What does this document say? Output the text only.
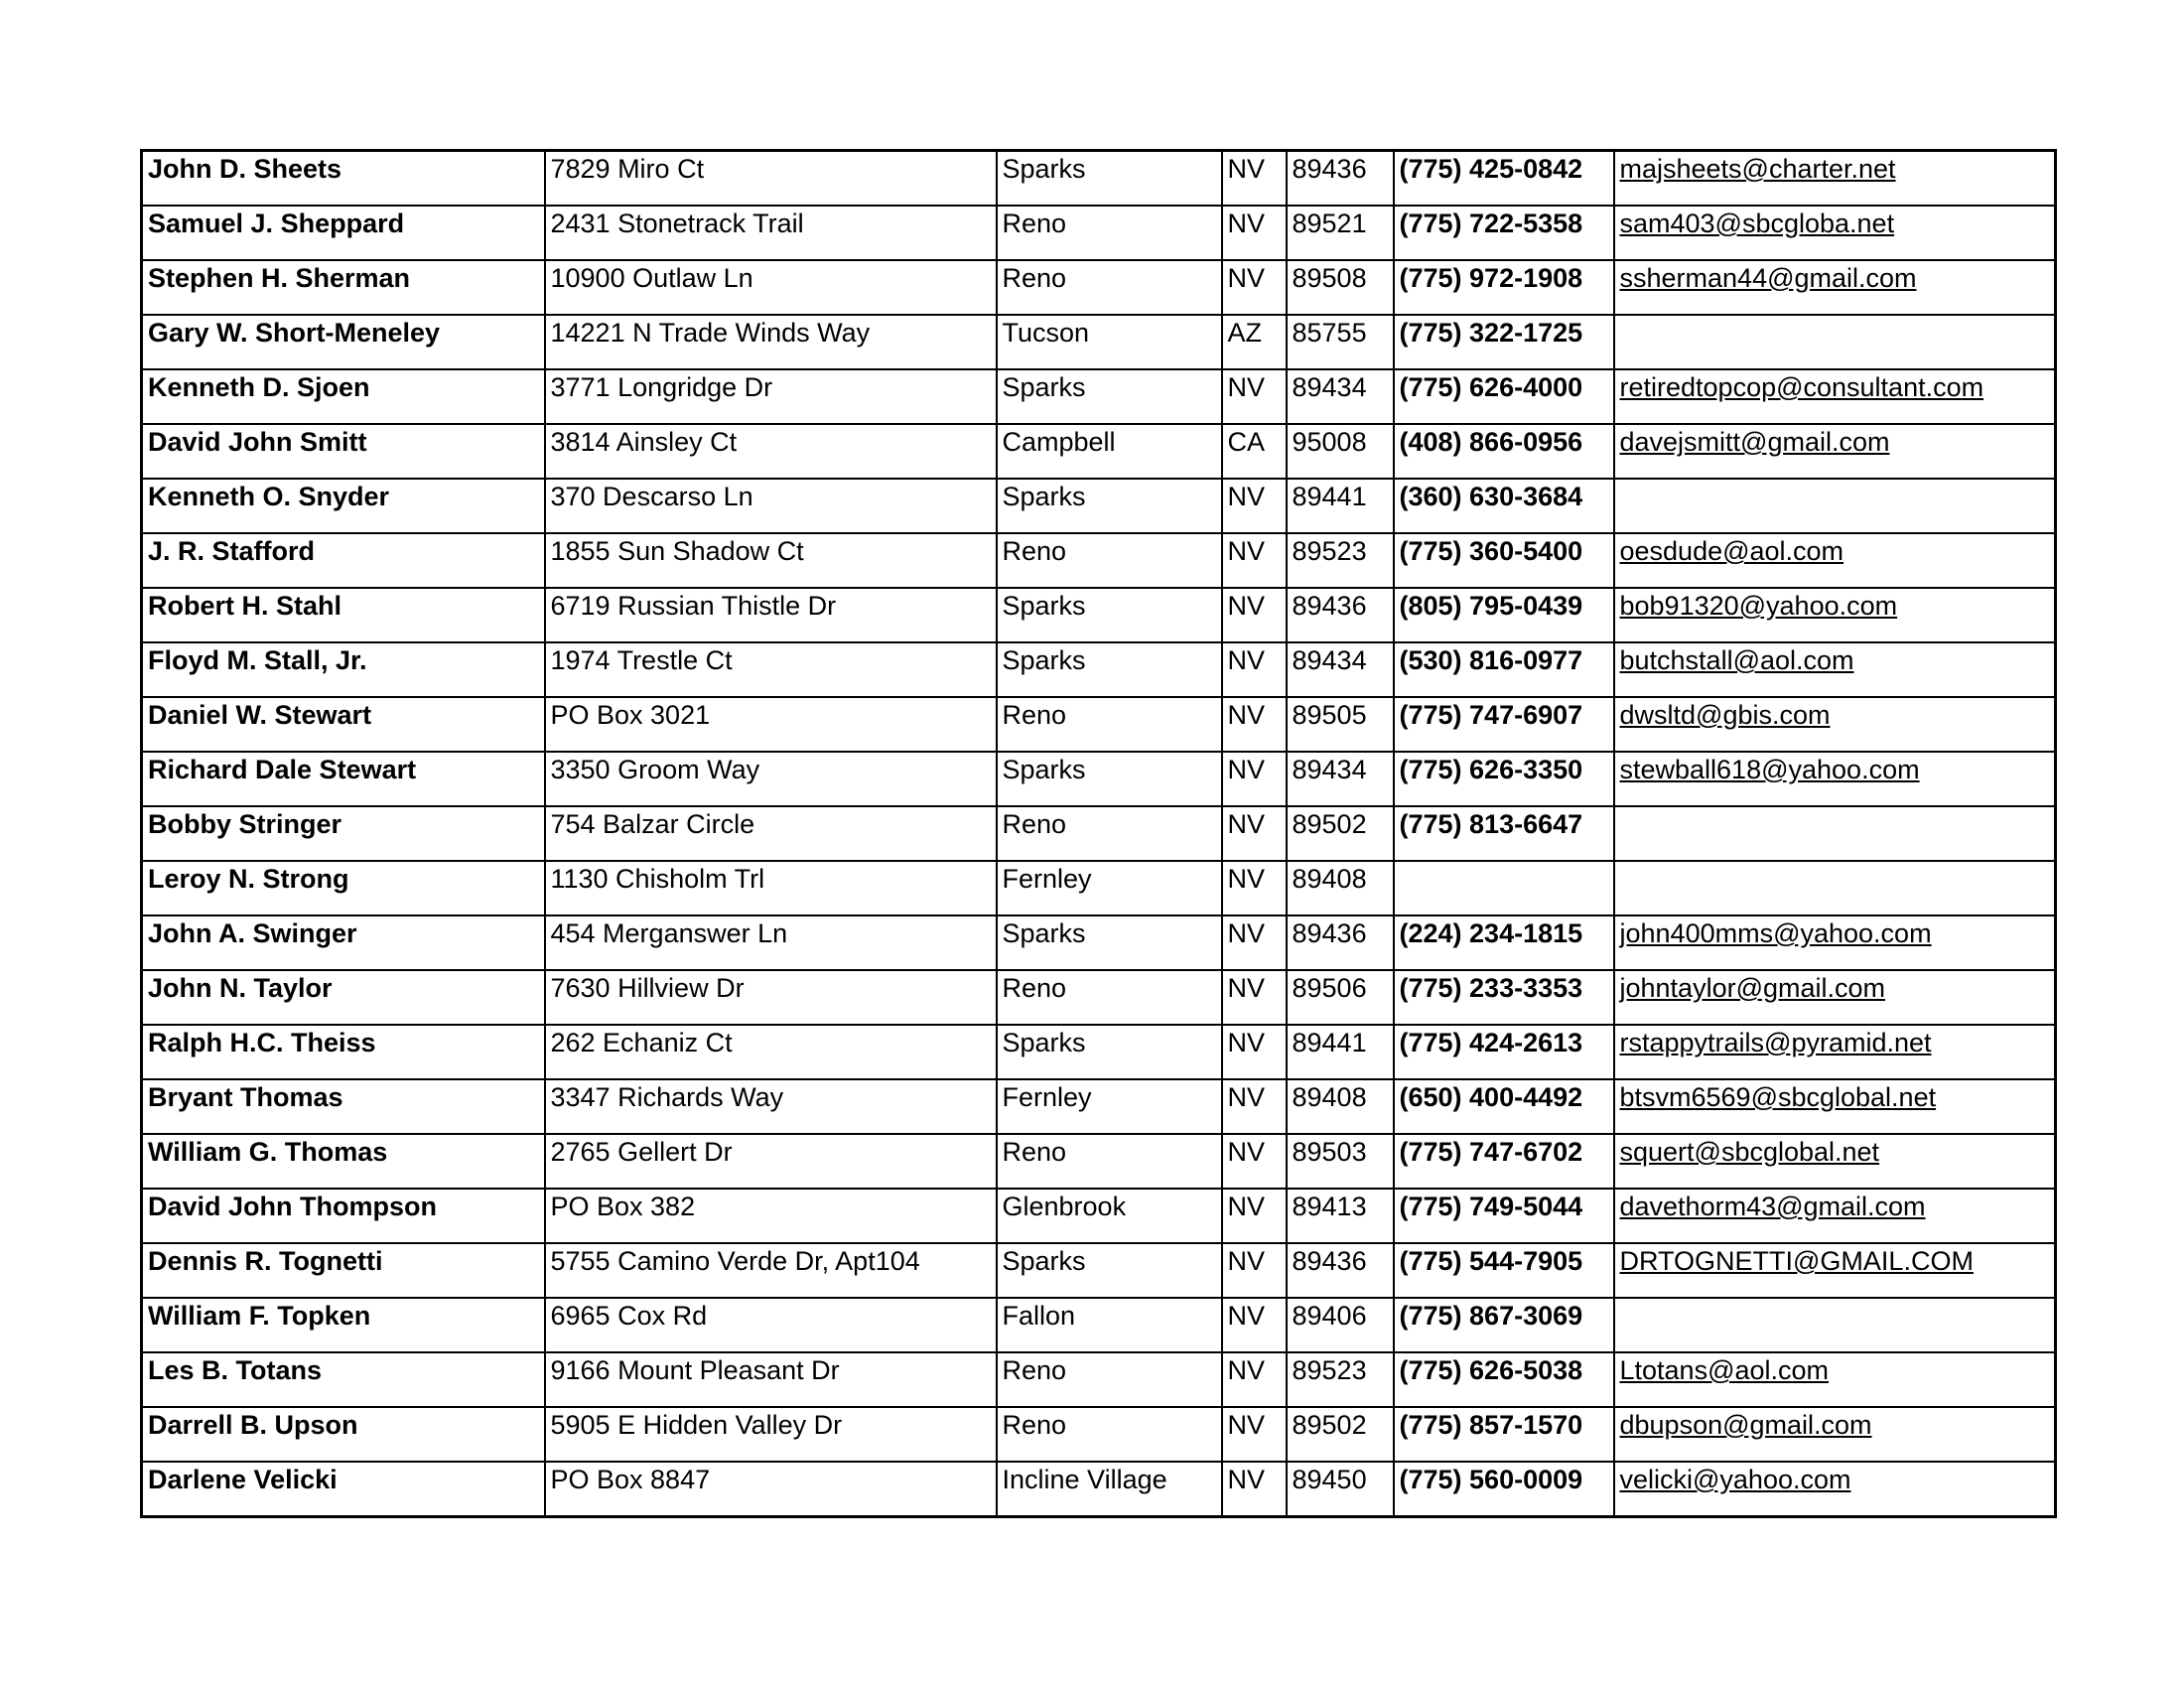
John D. Sheets	7829 Miro Ct	Sparks	NV	89436	(775) 425-0842	majsheets@charter.net
Samuel J. Sheppard	2431 Stonetrack Trail	Reno	NV	89521	(775) 722-5358	sam403@sbcgloba.net
Stephen H. Sherman	10900 Outlaw Ln	Reno	NV	89508	(775) 972-1908	ssherman44@gmail.com
Gary W. Short-Meneley	14221 N Trade Winds Way	Tucson	AZ	85755	(775) 322-1725	
Kenneth D. Sjoen	3771 Longridge Dr	Sparks	NV	89434	(775) 626-4000	retiredtopcop@consultant.com
David John Smitt	3814 Ainsley Ct	Campbell	CA	95008	(408) 866-0956	davejsmitt@gmail.com
Kenneth O. Snyder	370 Descarso Ln	Sparks	NV	89441	(360) 630-3684	
J. R. Stafford	1855 Sun Shadow Ct	Reno	NV	89523	(775) 360-5400	oesdude@aol.com
Robert H. Stahl	6719 Russian Thistle Dr	Sparks	NV	89436	(805) 795-0439	bob91320@yahoo.com
Floyd M. Stall, Jr.	1974 Trestle Ct	Sparks	NV	89434	(530) 816-0977	butchstall@aol.com
Daniel W. Stewart	PO Box 3021	Reno	NV	89505	(775) 747-6907	dwsltd@gbis.com
Richard Dale Stewart	3350 Groom Way	Sparks	NV	89434	(775) 626-3350	stewball618@yahoo.com
Bobby Stringer	754 Balzar Circle	Reno	NV	89502	(775) 813-6647	
Leroy N. Strong	1130 Chisholm Trl	Fernley	NV	89408		
John A. Swinger	454 Merganswer Ln	Sparks	NV	89436	(224) 234-1815	john400mms@yahoo.com
John N. Taylor	7630 Hillview Dr	Reno	NV	89506	(775) 233-3353	johntaylor@gmail.com
Ralph H.C. Theiss	262 Echaniz Ct	Sparks	NV	89441	(775) 424-2613	rstappytrails@pyramid.net
Bryant Thomas	3347 Richards Way	Fernley	NV	89408	(650) 400-4492	btsvm6569@sbcglobal.net
William G. Thomas	2765 Gellert Dr	Reno	NV	89503	(775) 747-6702	squert@sbcglobal.net
David John Thompson	PO Box 382	Glenbrook	NV	89413	(775) 749-5044	davethorm43@gmail.com
Dennis R. Tognetti	5755 Camino Verde Dr, Apt104	Sparks	NV	89436	(775) 544-7905	DRTOGNETTI@GMAIL.COM
William F. Topken	6965 Cox Rd	Fallon	NV	89406	(775) 867-3069	
Les B. Totans	9166 Mount Pleasant Dr	Reno	NV	89523	(775) 626-5038	Ltotans@aol.com
Darrell B. Upson	5905 E Hidden Valley Dr	Reno	NV	89502	(775) 857-1570	dbupson@gmail.com
Darlene Velicki	PO Box 8847	Incline Village	NV	89450	(775) 560-0009	velicki@yahoo.com
